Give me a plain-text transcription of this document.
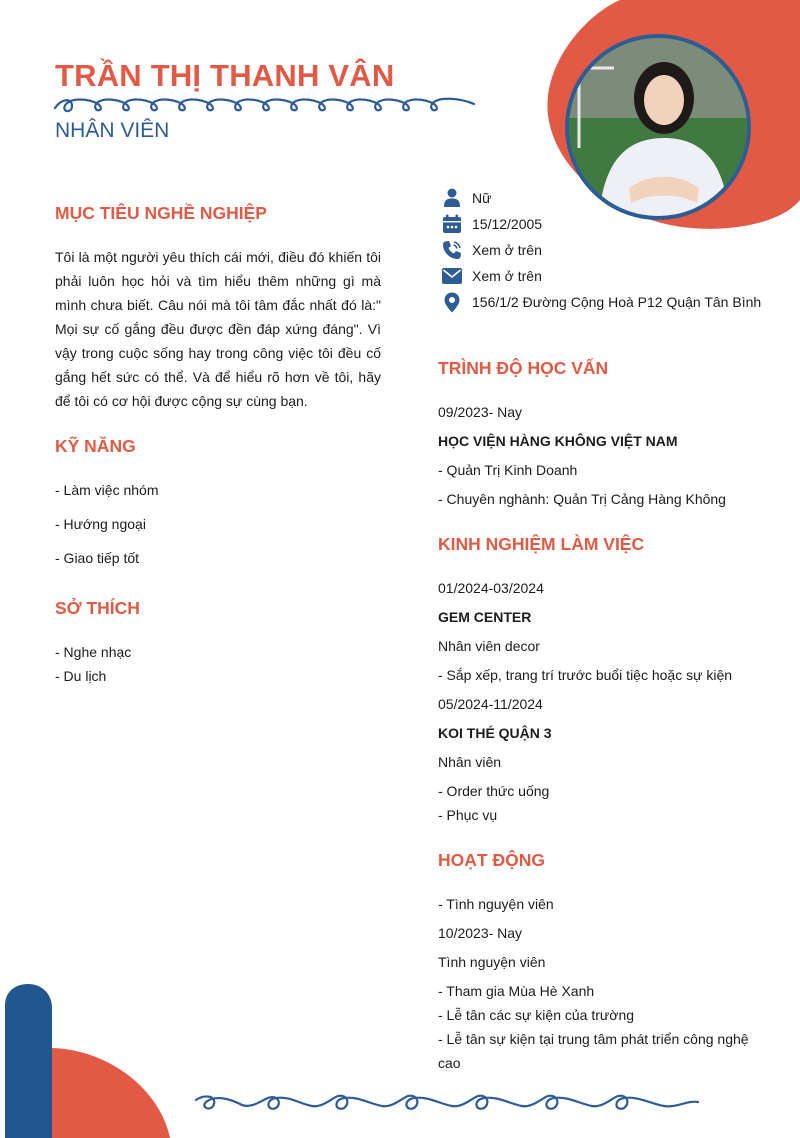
TRẦN THỊ THANH VÂN
NHÂN VIÊN
Nữ
15/12/2005
Xem ở trên
Xem ở trên
156/1/2 Đường Cộng Hoà P12 Quận Tân Bình
MỤC TIÊU NGHỀ NGHIỆP

Tôi là một người yêu thích cái mới, điều đó khiến tôi phải luôn học hỏi và tìm hiểu thêm những gì mà mình chưa biết. Câu nói mà tôi tâm đắc nhất đó là:" Mọi sự cố gắng đều được đền đáp xứng đáng". Vì vậy trong cuộc sống hay trong công việc tôi đều cố gắng hết sức có thể. Và để hiểu rõ hơn về tôi, hãy để tôi có cơ hội được cộng sự cùng bạn.

KỸ NĂNG
- Làm việc nhóm
- Hướng ngoại
- Giao tiếp tốt
SỞ THÍCH
- Nghe nhạc
- Du lịch
TRÌNH ĐỘ HỌC VẤN
09/2023- Nay
HỌC VIỆN HÀNG KHÔNG VIỆT NAM
- Quản Trị Kinh Doanh
- Chuyên nghành: Quản Trị Cảng Hàng Không
KINH NGHIỆM LÀM VIỆC
01/2024-03/2024
GEM CENTER
Nhân viên decor
- Sắp xếp, trang trí trước buổi tiệc hoặc sự kiện
05/2024-11/2024
KOI THÉ QUẬN 3
Nhân viên
- Order thức uống
- Phục vụ
HOẠT ĐỘNG
- Tình nguyện viên
10/2023- Nay
Tình nguyện viên
- Tham gia Mùa Hè Xanh
- Lễ tân các sự kiện của trường
- Lễ tân sự kiện tại trung tâm phát triển công nghệ cao
